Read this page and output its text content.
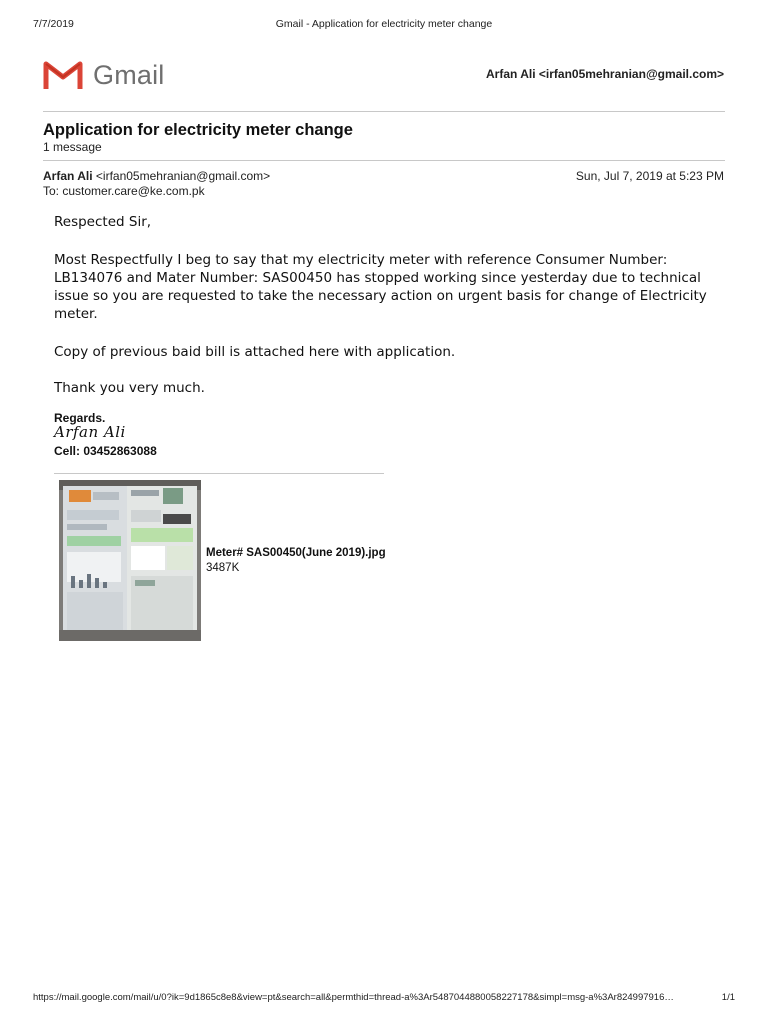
7/7/2019	Gmail - Application for electricity meter change
Gmail	Arfan Ali <irfan05mehranian@gmail.com>
Application for electricity meter change
1 message
Arfan Ali <irfan05mehranian@gmail.com>
To: customer.care@ke.com.pk
Sun, Jul 7, 2019 at 5:23 PM

Respected Sir,

Most Respectfully I beg to say that my electricity meter with reference Consumer Number: LB134076 and Mater Number: SAS00450 has stopped working since yesterday due to technical issue so you are requested to take the necessary action on urgent basis for change of Electricity meter.

Copy of previous baid bill is attached here with application.

Thank you very much.

Regards.
Arfan Ali
Cell: 03452863088
Meter# SAS00450(June 2019).jpg
3487K
https://mail.google.com/mail/u/0?ik=9d1865c8e8&view=pt&search=all&permthid=thread-a%3Ar5487044880058227178&simpl=msg-a%3Ar824997916…	1/1
